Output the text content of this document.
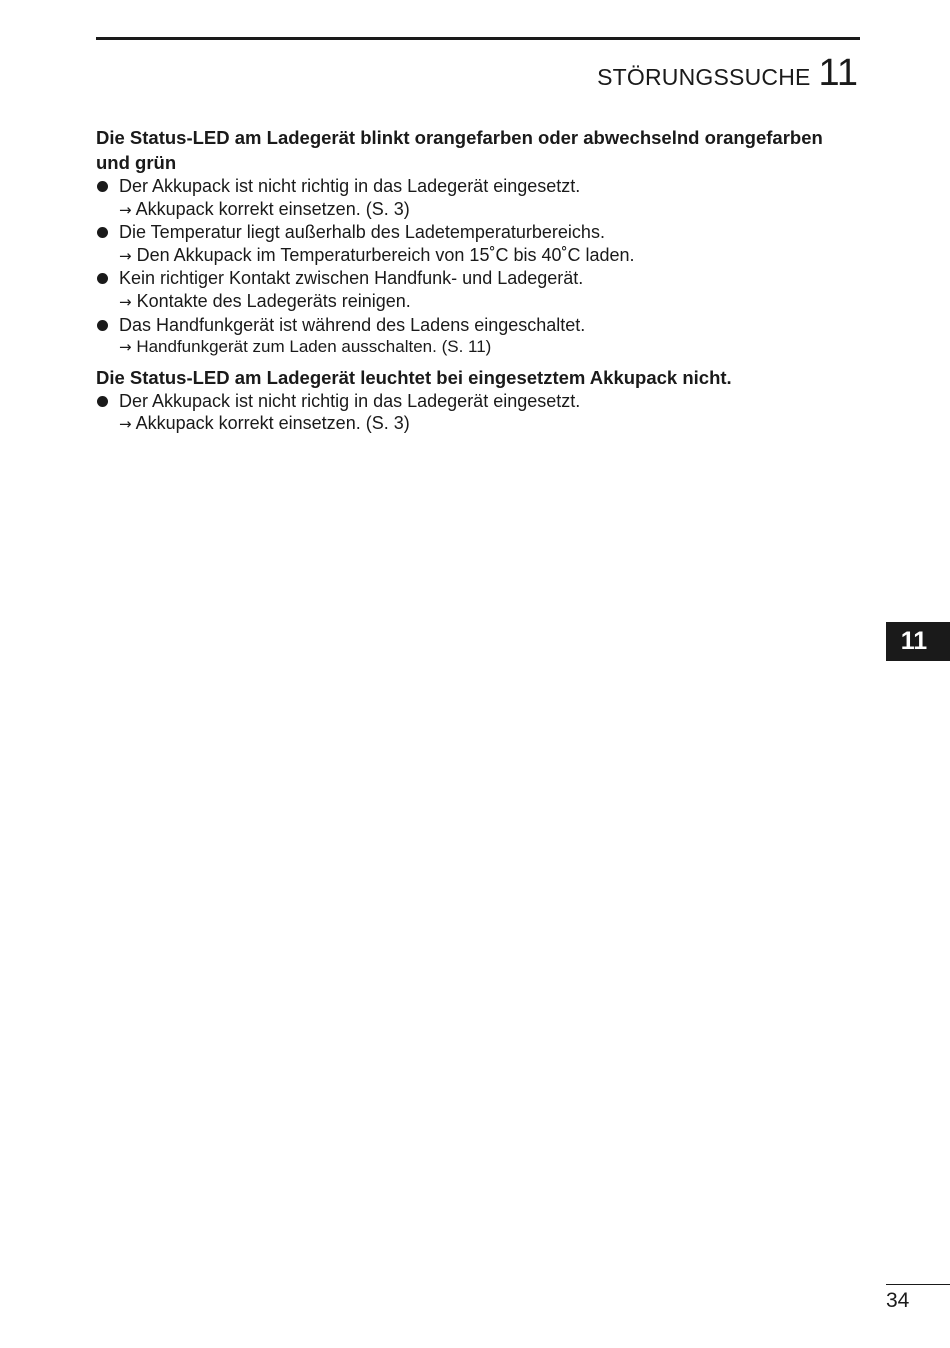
STÖRUNGSSUCHE 11
Die Status-LED am Ladegerät blinkt orangefarben oder abwechselnd orangefarben und grün
Der Akkupack ist nicht richtig in das Ladegerät eingesetzt.
→ Akkupack korrekt einsetzen. (S. 3)
Die Temperatur liegt außerhalb des Ladetemperaturbereichs.
→ Den Akkupack im Temperaturbereich von 15˚C bis 40˚C laden.
Kein richtiger Kontakt zwischen Handfunk- und Ladegerät.
→ Kontakte des Ladegeräts reinigen.
Das Handfunkgerät ist während des Ladens eingeschaltet.
→ Handfunkgerät zum Laden ausschalten. (S. 11)
Die Status-LED am Ladegerät leuchtet bei eingesetztem Akkupack nicht.
Der Akkupack ist nicht richtig in das Ladegerät eingesetzt.
→ Akkupack korrekt einsetzen. (S. 3)
11
34
